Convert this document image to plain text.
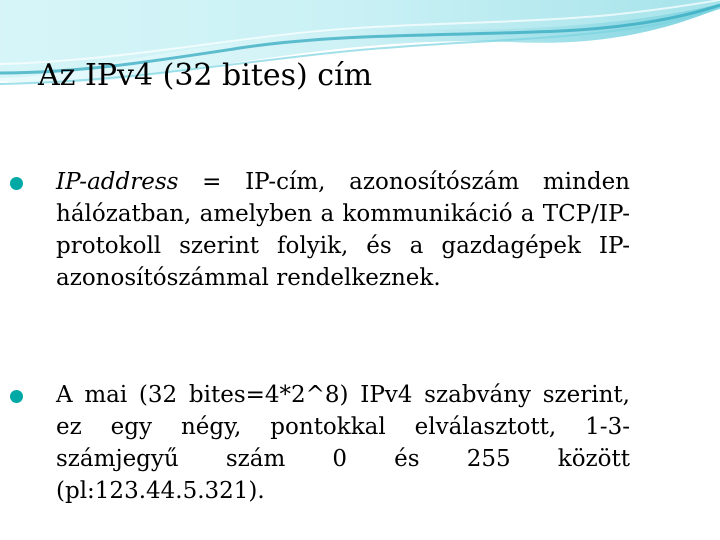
Az IPv4 (32 bites) cím
IP-address = IP-cím, azonosítószám minden hálózatban, amelyben a kommunikáció a TCP/IP-protokoll szerint folyik, és a gazdagépek IP-azonosítószámmal rendelkeznek.
A mai (32 bites=4*2^8) IPv4 szabvány szerint, ez egy négy, pontokkal elválasztott, 1-3-számjegyű szám 0 és 255 között (pl:123.44.5.321).
